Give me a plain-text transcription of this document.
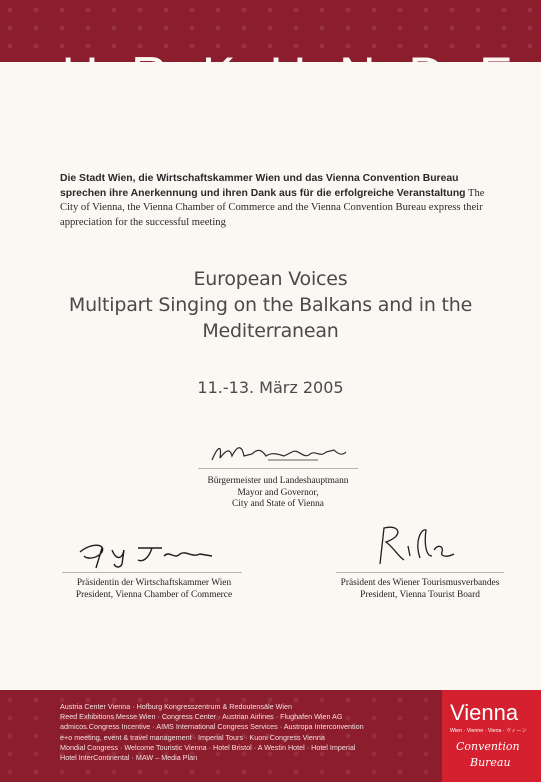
U R K U N D E
Die Stadt Wien, die Wirtschaftskammer Wien und das Vienna Convention Bureau sprechen ihre Anerkennung und ihren Dank aus für die erfolgreiche Veranstaltung The City of Vienna, the Vienna Chamber of Commerce and the Vienna Convention Bureau express their appreciation for the successful meeting
European Voices
Multipart Singing on the Balkans and in the
Mediterranean
11.-13. März 2005
Bürgermeister und Landeshauptmann
Mayor and Governor,
City and State of Vienna
Präsidentin der Wirtschaftskammer Wien
President, Vienna Chamber of Commerce
Präsident des Wiener Tourismusverbandes
President, Vienna Tourist Board
Austria Center Vienna · Hofburg Kongresszentrum & Redoutensäle Wien
Reed Exhibitions Messe Wien · Congress Center · Austrian Airlines · Flughafen Wien AG
admicos.Congress Incentive · AIMS International Congress Services · Austropa Interconvention
e+o meeting, event & travel management · Imperial Tours · Kuoni Congress Vienna
Mondial Congress · Welcome Touristic Vienna · Hotel Bristol · A Westin Hotel · Hotel Imperial
Hotel InterContinental · MAW – Media Plan
Vienna
Wien · Vienne · Viena · ウィーン
Convention
Bureau
